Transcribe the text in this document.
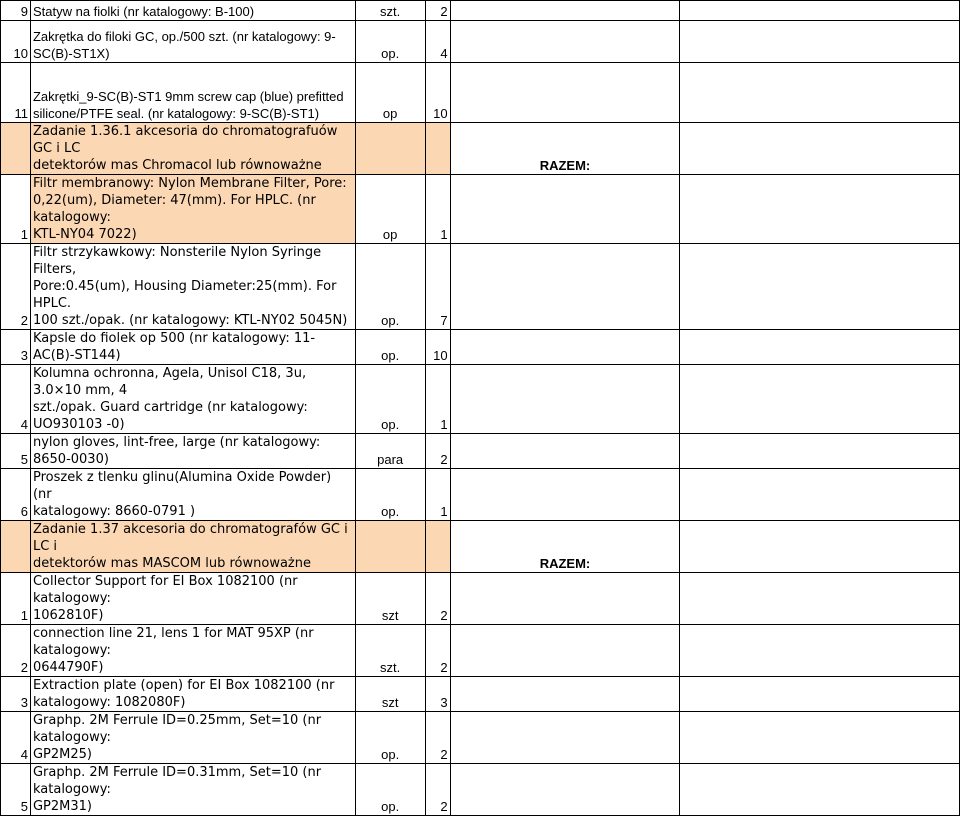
9	Statyw na fiolki (nr katalogowy: B-100)	szt.	2		
10	Zakrętka do filoki GC, op./500 szt. (nr katalogowy: 9-
SC(B)-ST1X)	op.	4		
11	Zakrętki_9-SC(B)-ST1 9mm screw cap (blue) prefitted
silicone/PTFE seal. (nr katalogowy: 9-SC(B)-ST1)	op	10		

	Zadanie 1.36.1 akcesoria do chromatografuów GC i LC
detektorów mas Chromacol lub równoważne			RAZEM:	
1	Filtr membranowy: Nylon Membrane Filter, Pore:
0,22(um), Diameter: 47(mm). For HPLC. (nr katalogowy:
KTL-NY04 7022)	op	1		
2	Filtr strzykawkowy: Nonsterile Nylon Syringe Filters,
Pore:0.45(um), Housing Diameter:25(mm). For HPLC.
100 szt./opak. (nr katalogowy: KTL-NY02 5045N)	op.	7		
3	Kapsle do fiolek op 500 (nr katalogowy: 11-AC(B)-ST144)	op.	10		
4	Kolumna ochronna, Agela, Unisol C18, 3u, 3.0×10 mm, 4
szt./opak. Guard cartridge (nr katalogowy: UO930103 -0)	op.	1		
5	nylon gloves, lint-free, large (nr katalogowy: 8650-0030)	para	2		
6	Proszek z tlenku glinu(Alumina Oxide Powder) (nr
katalogowy: 8660-0791 )	op.	1		

	Zadanie 1.37 akcesoria do chromatografów GC i LC i
detektorów mas MASCOM lub równoważne			RAZEM:	
1	Collector Support for EI Box 1082100 (nr katalogowy:
1062810F)	szt	2		
2	connection line 21, lens 1 for MAT 95XP (nr katalogowy:
0644790F)	szt.	2		
3	Extraction plate (open) for EI Box 1082100 (nr
katalogowy: 1082080F)	szt	3		
4	Graphp. 2M Ferrule ID=0.25mm, Set=10 (nr katalogowy:
GP2M25)	op.	2		
5	Graphp. 2M Ferrule ID=0.31mm, Set=10 (nr katalogowy:
GP2M31)	op.	2		
